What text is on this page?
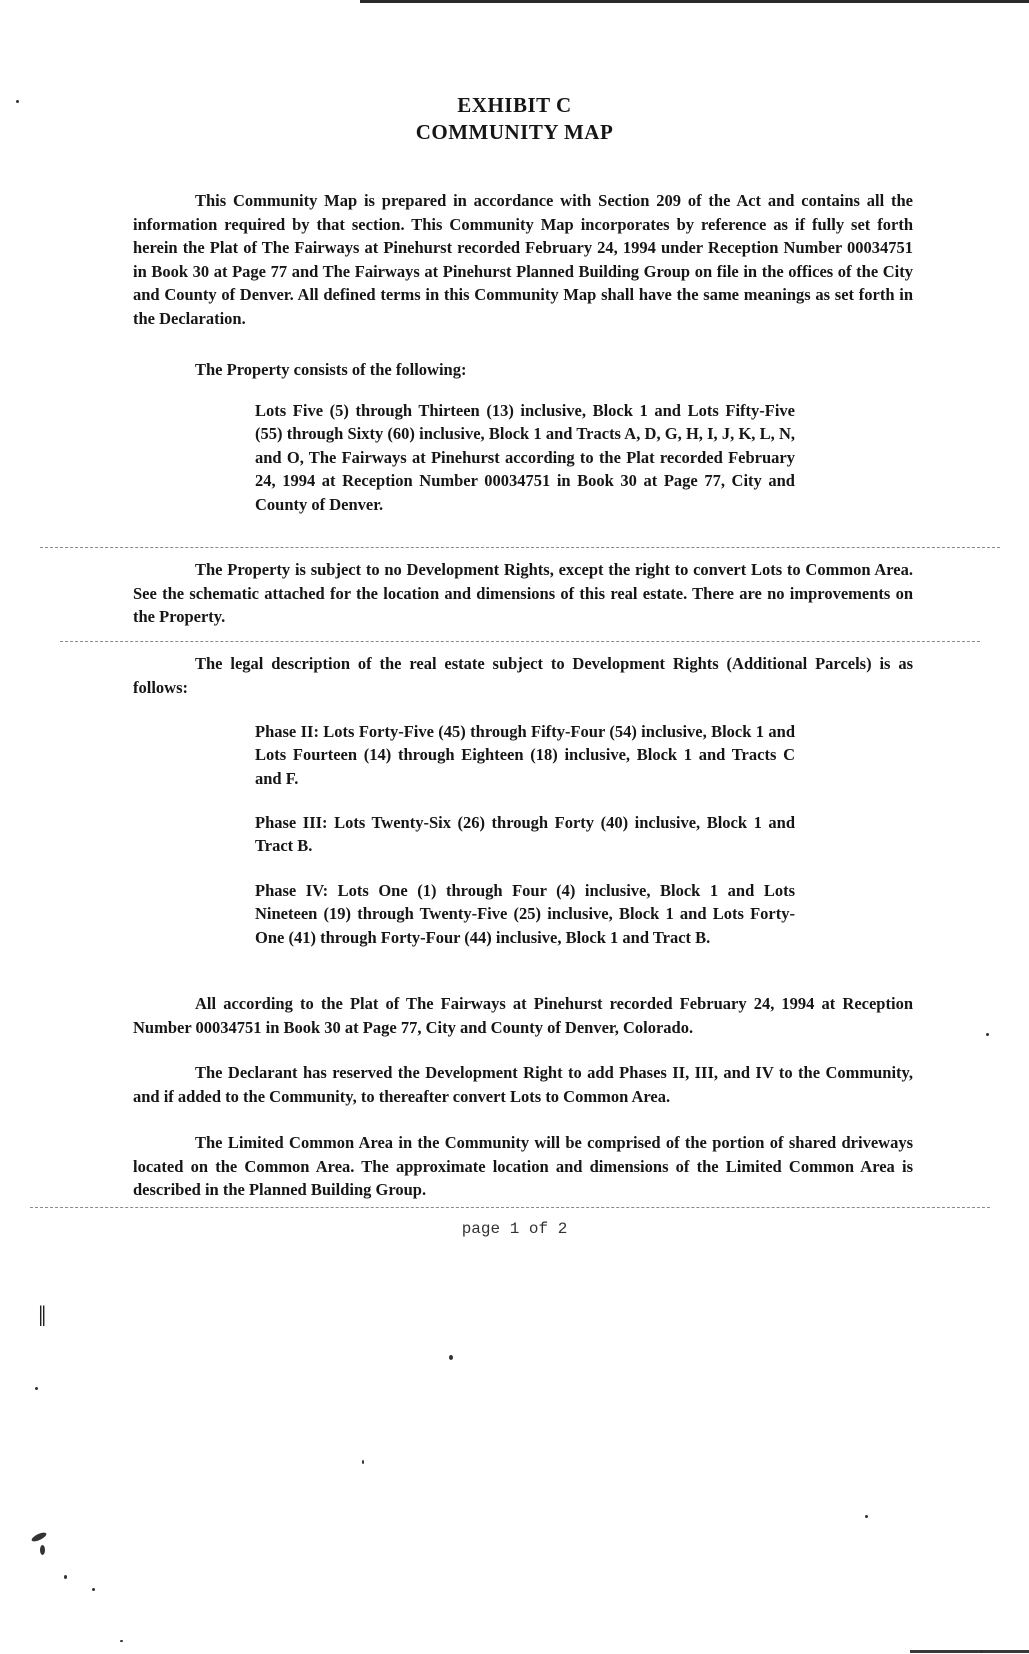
‖
EXHIBIT C
COMMUNITY MAP

This Community Map is prepared in accordance with Section 209 of the Act and contains all the information required by that section. This Community Map incorporates by reference as if fully set forth herein the Plat of The Fairways at Pinehurst recorded February 24, 1994 under Reception Number 00034751 in Book 30 at Page 77 and The Fairways at Pinehurst Planned Building Group on file in the offices of the City and County of Denver. All defined terms in this Community Map shall have the same meanings as set forth in the Declaration.

The Property consists of the following:

Lots Five (5) through Thirteen (13) inclusive, Block 1 and Lots Fifty-Five (55) through Sixty (60) inclusive, Block 1 and Tracts A, D, G, H, I, J, K, L, N, and O, The Fairways at Pinehurst according to the Plat recorded February 24, 1994 at Reception Number 00034751 in Book 30 at Page 77, City and County of Denver.

The Property is subject to no Development Rights, except the right to convert Lots to Common Area. See the schematic attached for the location and dimensions of this real estate. There are no improvements on the Property.

The legal description of the real estate subject to Development Rights (Additional Parcels) is as follows:

Phase II: Lots Forty-Five (45) through Fifty-Four (54) inclusive, Block 1 and Lots Fourteen (14) through Eighteen (18) inclusive, Block 1 and Tracts C and F.

Phase III: Lots Twenty-Six (26) through Forty (40) inclusive, Block 1 and Tract B.

Phase IV: Lots One (1) through Four (4) inclusive, Block 1 and Lots Nineteen (19) through Twenty-Five (25) inclusive, Block 1 and Lots Forty-One (41) through Forty-Four (44) inclusive, Block 1 and Tract B.

All according to the Plat of The Fairways at Pinehurst recorded February 24, 1994 at Reception Number 00034751 in Book 30 at Page 77, City and County of Denver, Colorado.

The Declarant has reserved the Development Right to add Phases II, III, and IV to the Community, and if added to the Community, to thereafter convert Lots to Common Area.

The Limited Common Area in the Community will be comprised of the portion of shared driveways located on the Common Area. The approximate location and dimensions of the Limited Common Area is described in the Planned Building Group.

page 1 of 2
